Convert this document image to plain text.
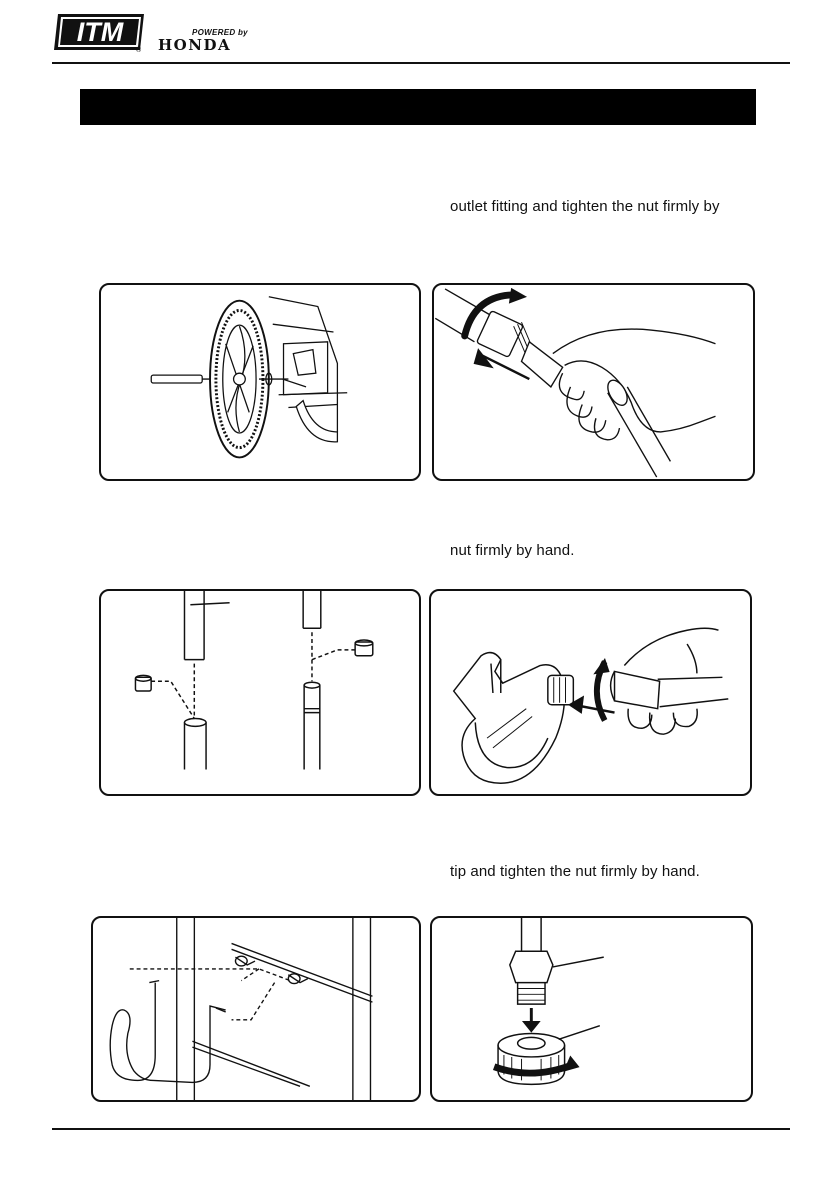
ITM
®
POWERED by
HONDA
outlet fitting and tighten the nut firmly by
nut firmly by hand.
tip and tighten the nut firmly by hand.
